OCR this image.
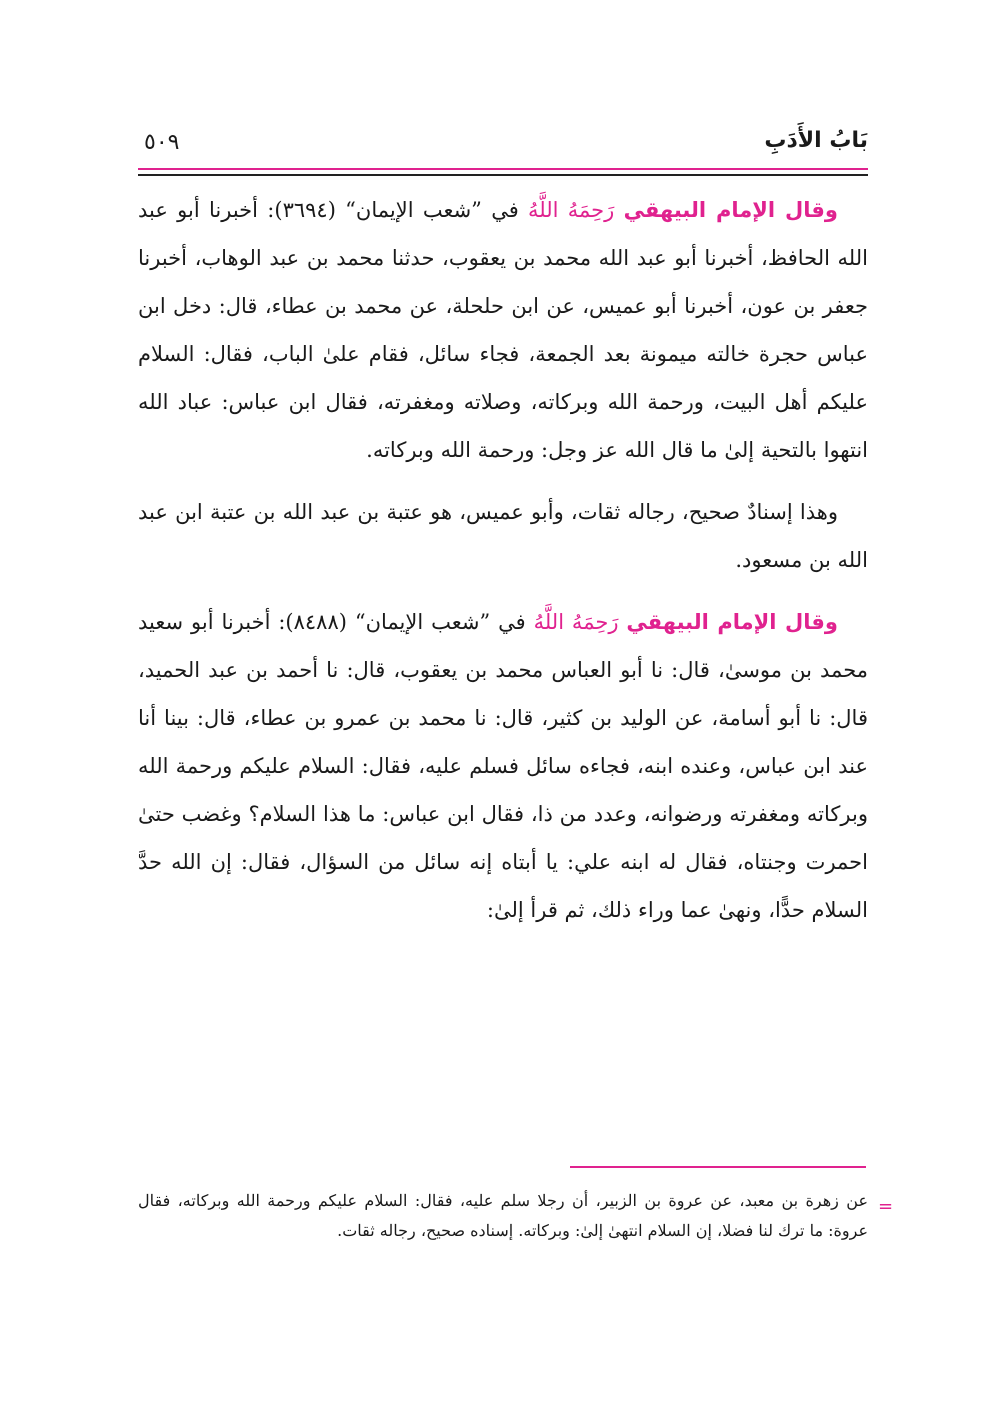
بَابُ الأَدَبِ
٥٠٩

وقال الإمام البيهقي رَحِمَهُ اللَّهُ في ”شعب الإيمان“ (٣٦٩٤): أخبرنا أبو عبد الله الحافظ، أخبرنا أبو عبد الله محمد بن يعقوب، حدثنا محمد بن عبد الوهاب، أخبرنا جعفر بن عون، أخبرنا أبو عميس، عن ابن حلحلة، عن محمد بن عطاء، قال: دخل ابن عباس حجرة خالته ميمونة بعد الجمعة، فجاء سائل، فقام علىٰ الباب، فقال: السلام عليكم أهل البيت، ورحمة الله وبركاته، وصلاته ومغفرته، فقال ابن عباس: عباد الله انتهوا بالتحية إلىٰ ما قال الله عز وجل: ورحمة الله وبركاته.

وهذا إسنادٌ صحيح، رجاله ثقات، وأبو عميس، هو عتبة بن عبد الله بن عتبة ابن عبد الله بن مسعود.

وقال الإمام البيهقي رَحِمَهُ اللَّهُ في ”شعب الإيمان“ (٨٤٨٨): أخبرنا أبو سعيد محمد بن موسىٰ، قال: نا أبو العباس محمد بن يعقوب، قال: نا أحمد بن عبد الحميد، قال: نا أبو أسامة، عن الوليد بن كثير، قال: نا محمد بن عمرو بن عطاء، قال: بينا أنا عند ابن عباس، وعنده ابنه، فجاءه سائل فسلم عليه، فقال: السلام عليكم ورحمة الله وبركاته ومغفرته ورضوانه، وعدد من ذا، فقال ابن عباس: ما هذا السلام؟ وغضب حتىٰ احمرت وجنتاه، فقال له ابنه علي: يا أبتاه إنه سائل من السؤال، فقال: إن الله حدَّ السلام حدًّا، ونهىٰ عما وراء ذلك، ثم قرأ إلىٰ:

=
عن زهرة بن معبد، عن عروة بن الزبير، أن رجلا سلم عليه، فقال: السلام عليكم ورحمة الله وبركاته، فقال عروة: ما ترك لنا فضلا، إن السلام انتهىٰ إلىٰ: وبركاته. إسناده صحيح، رجاله ثقات.
